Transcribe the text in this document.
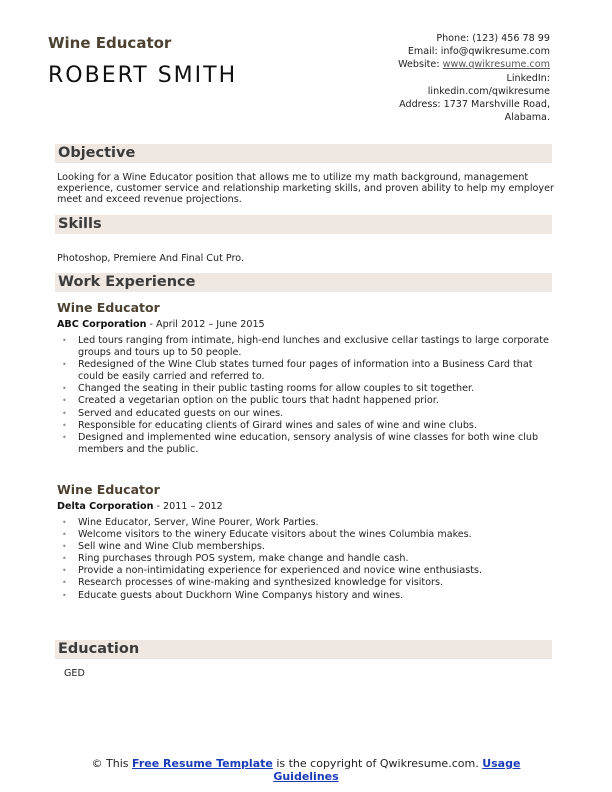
Wine Educator
ROBERT SMITH
Phone: (123) 456 78 99
Email: info@qwikresume.com
Website: www.qwikresume.com
LinkedIn:
linkedin.com/qwikresume
Address: 1737 Marshville Road,
Alabama.
Objective
Looking for a Wine Educator position that allows me to utilize my math background, management experience, customer service and relationship marketing skills, and proven ability to help my employer meet and exceed revenue projections.
Skills
Photoshop, Premiere And Final Cut Pro.
Work Experience
Wine Educator
ABC Corporation - April 2012 – June 2015
• Led tours ranging from intimate, high-end lunches and exclusive cellar tastings to large corporate groups and tours up to 50 people.
• Redesigned of the Wine Club states turned four pages of information into a Business Card that could be easily carried and referred to.
• Changed the seating in their public tasting rooms for allow couples to sit together.
• Created a vegetarian option on the public tours that hadnt happened prior.
• Served and educated guests on our wines.
• Responsible for educating clients of Girard wines and sales of wine and wine clubs.
• Designed and implemented wine education, sensory analysis of wine classes for both wine club members and the public.
Wine Educator
Delta Corporation - 2011 – 2012
• Wine Educator, Server, Wine Pourer, Work Parties.
• Welcome visitors to the winery Educate visitors about the wines Columbia makes.
• Sell wine and Wine Club memberships.
• Ring purchases through POS system, make change and handle cash.
• Provide a non-intimidating experience for experienced and novice wine enthusiasts.
• Research processes of wine-making and synthesized knowledge for visitors.
• Educate guests about Duckhorn Wine Companys history and wines.
Education
GED
© This Free Resume Template is the copyright of Qwikresume.com. Usage Guidelines
